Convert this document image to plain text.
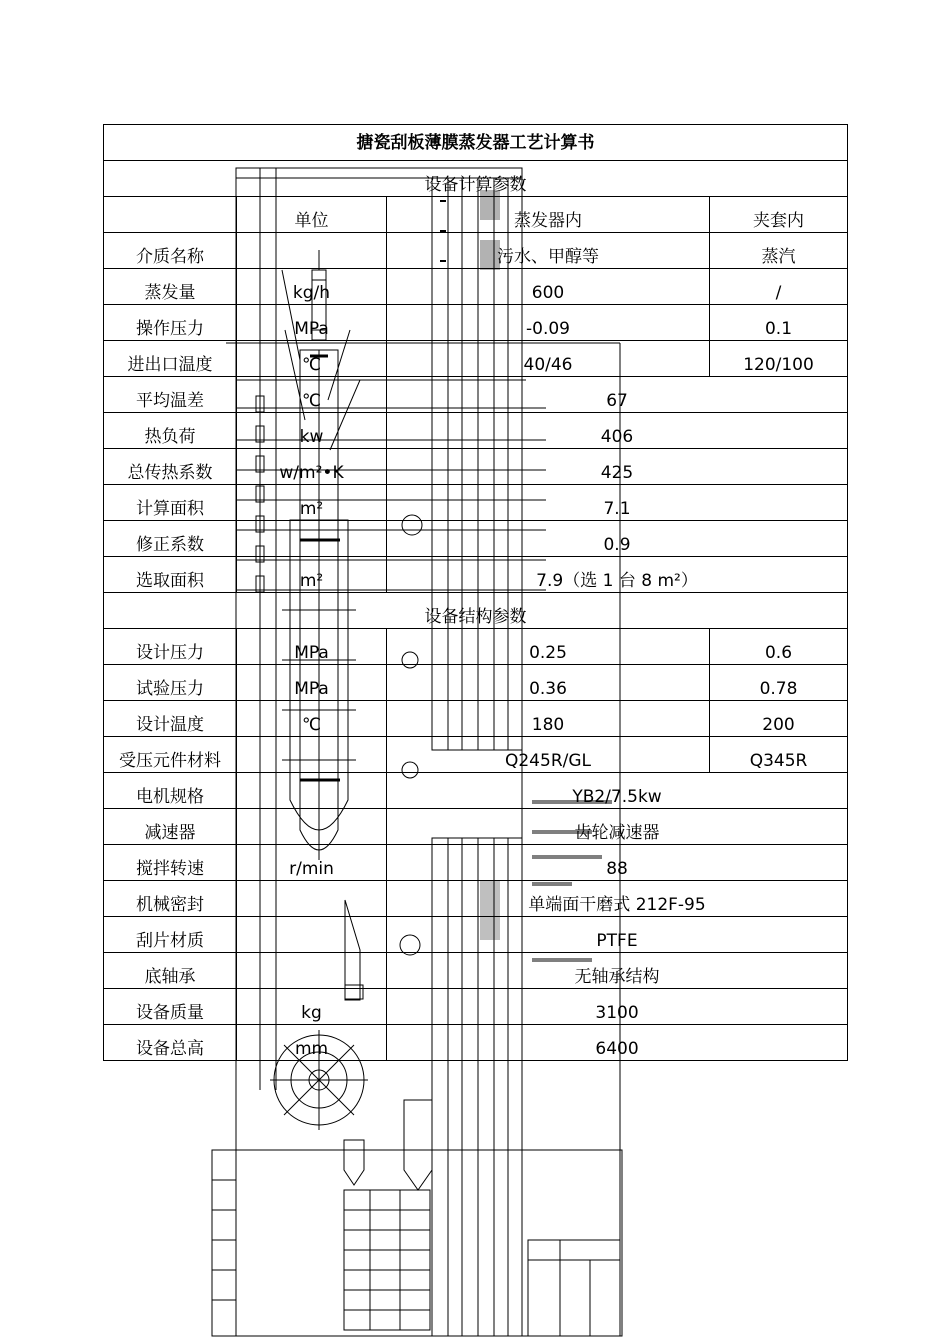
搪瓷刮板薄膜蒸发器工艺计算书			
设备计算参数			
	单位	蒸发器内	夹套内
介质名称		污水、甲醇等	蒸汽
蒸发量	kg/h	600	/
操作压力	MPa	-0.09	0.1
进出口温度	℃	40/46	120/100
平均温差	℃	67	
热负荷	kw	406	
总传热系数	w/m²•K	425	
计算面积	m²	7.1	
修正系数		0.9	
选取面积	m²	7.9（选 1 台 8 m²）	
设备结构参数			
设计压力	MPa	0.25	0.6
试验压力	MPa	0.36	0.78
设计温度	℃	180	200
受压元件材料		Q245R/GL	Q345R
电机规格		YB2/7.5kw	
减速器		齿轮减速器	
搅拌转速	r/min	88	
机械密封		单端面干磨式 212F-95	
刮片材质		PTFE	
底轴承		无轴承结构	
设备质量	kg	3100	
设备总高	mm	6400	
